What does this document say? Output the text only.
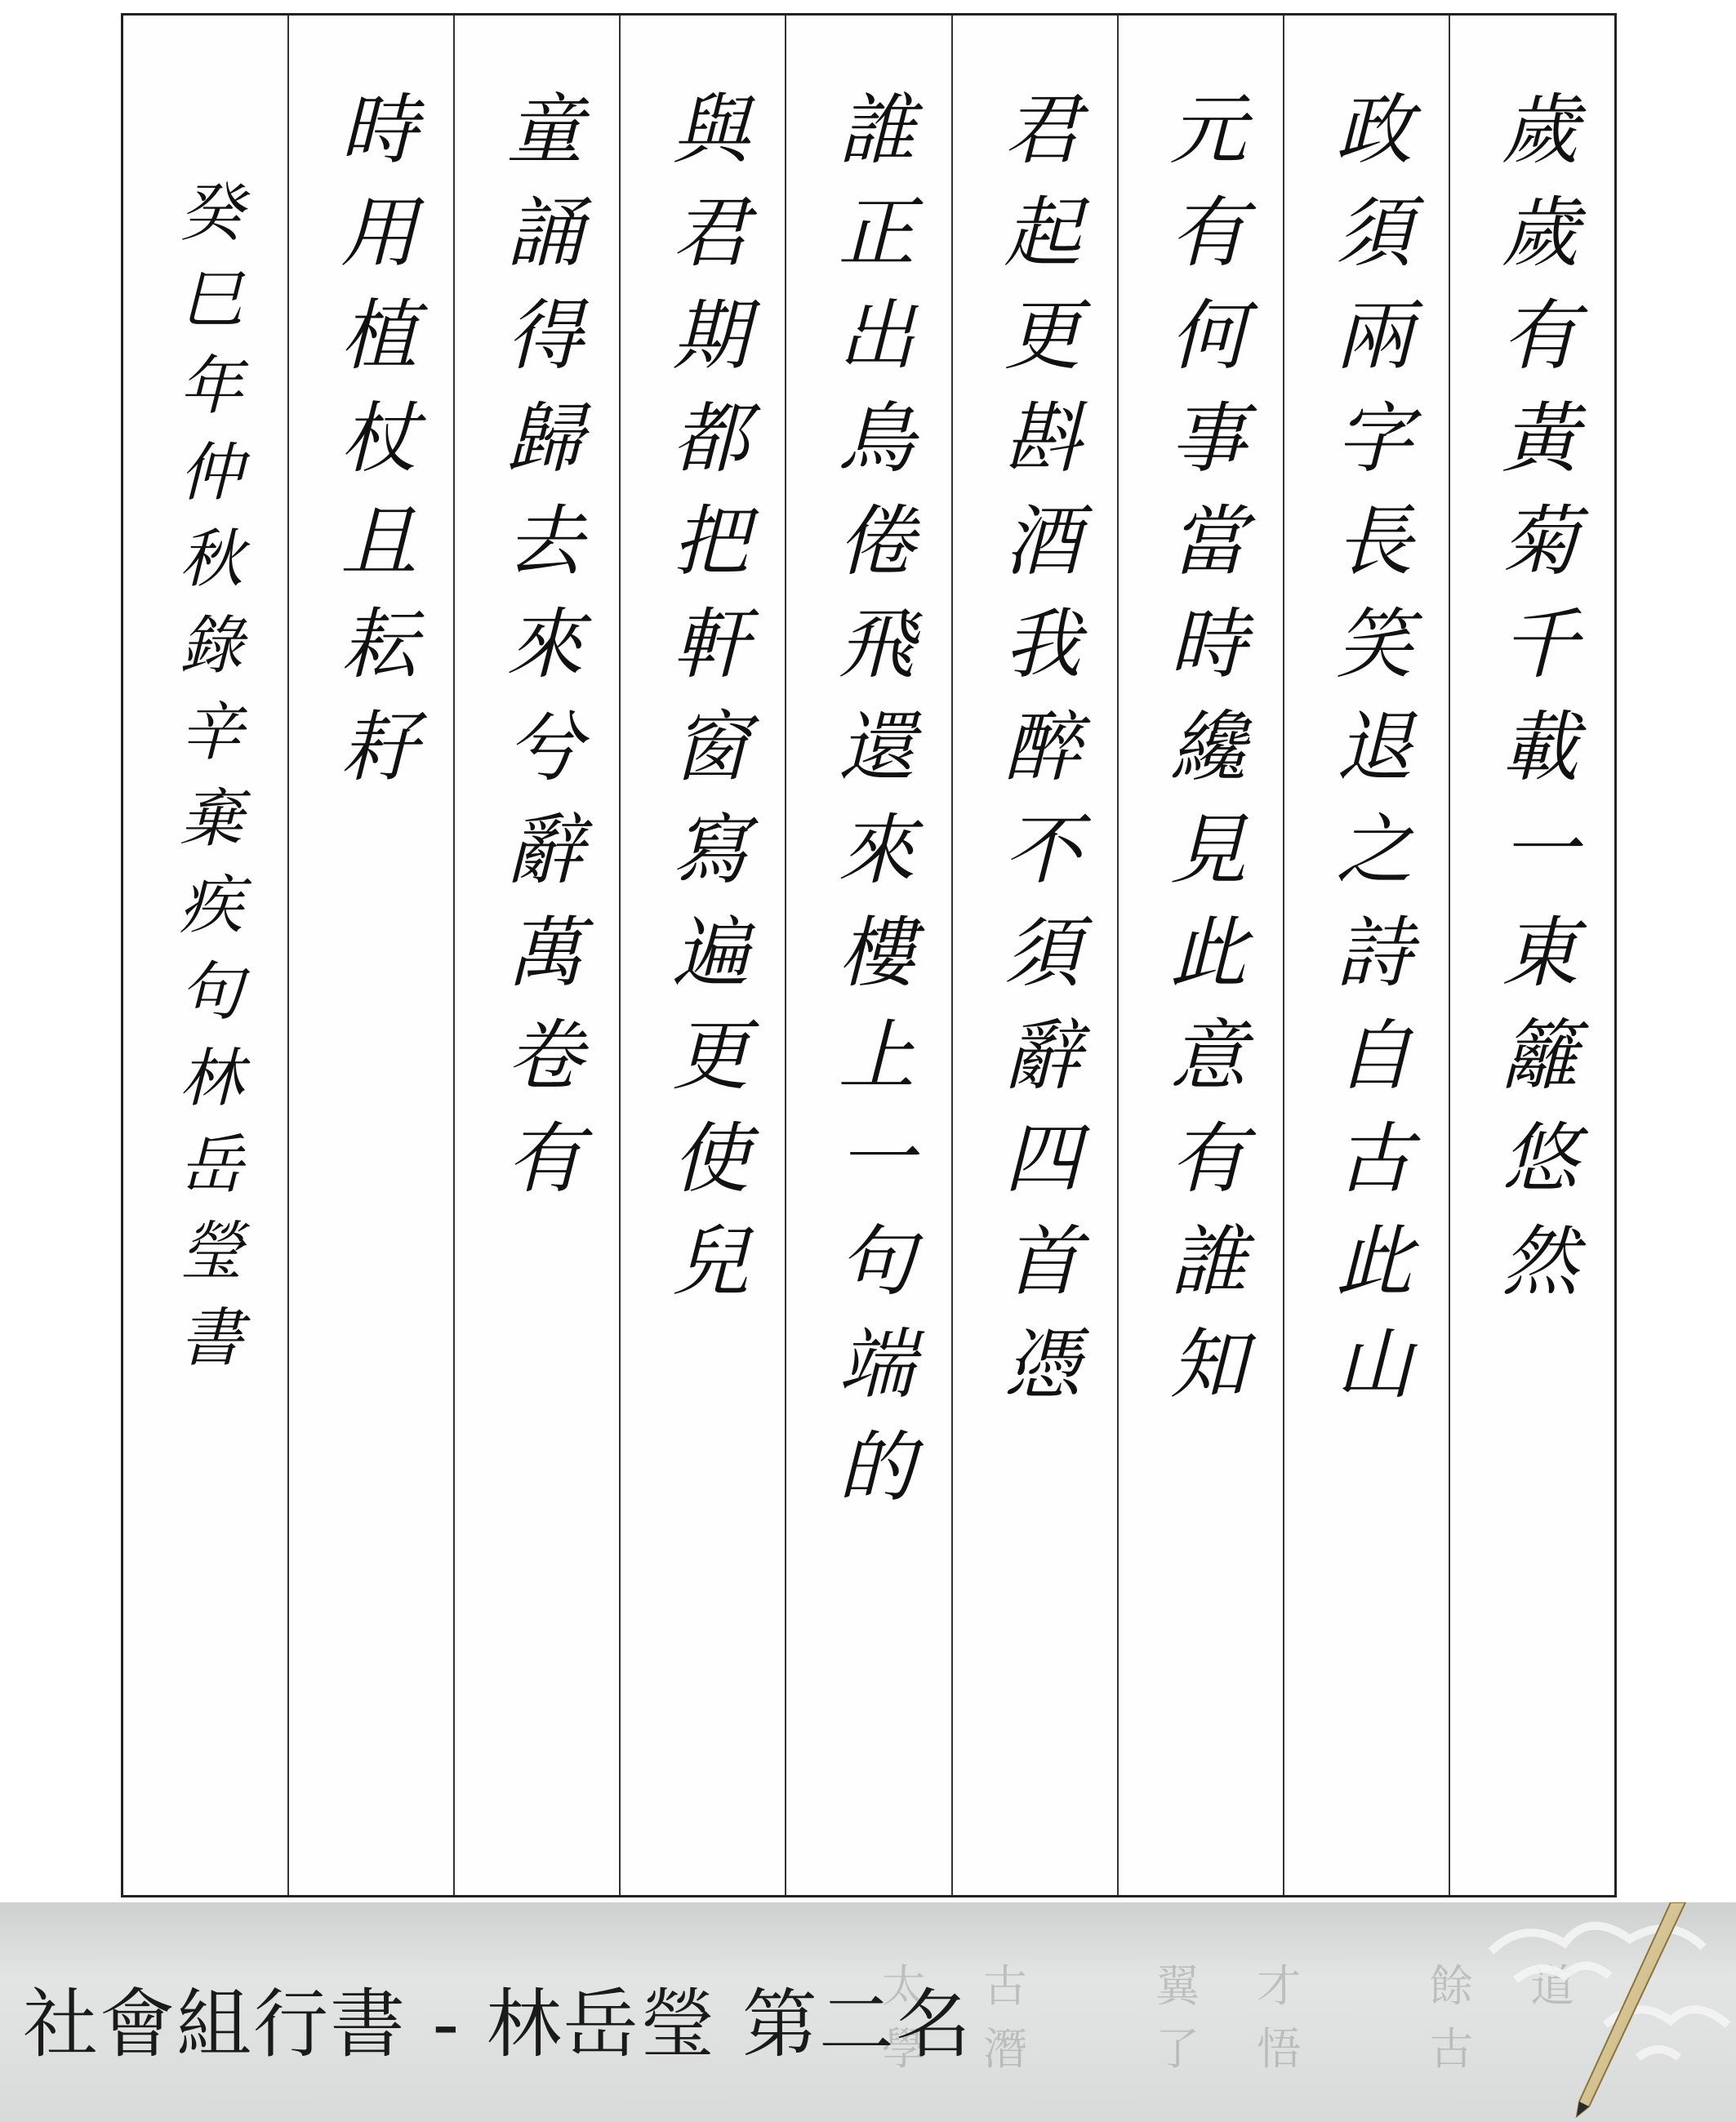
歲歲有黃菊千載一東籬悠然
政須兩字長笑退之詩自古此山
元有何事當時纔見此意有誰知
君起更斟酒我醉不須辭四首憑
誰正出鳥倦飛還來樓上一句端的
與君期都把軒窗寫遍更使兒
童誦得歸去來兮辭萬卷有
時用植杖且耘耔
癸巳年仲秋錄辛棄疾句林岳瑩書
太古 翼才 餘道 學潛 了悟 古
社會組行書 - 林岳瑩 第二名
